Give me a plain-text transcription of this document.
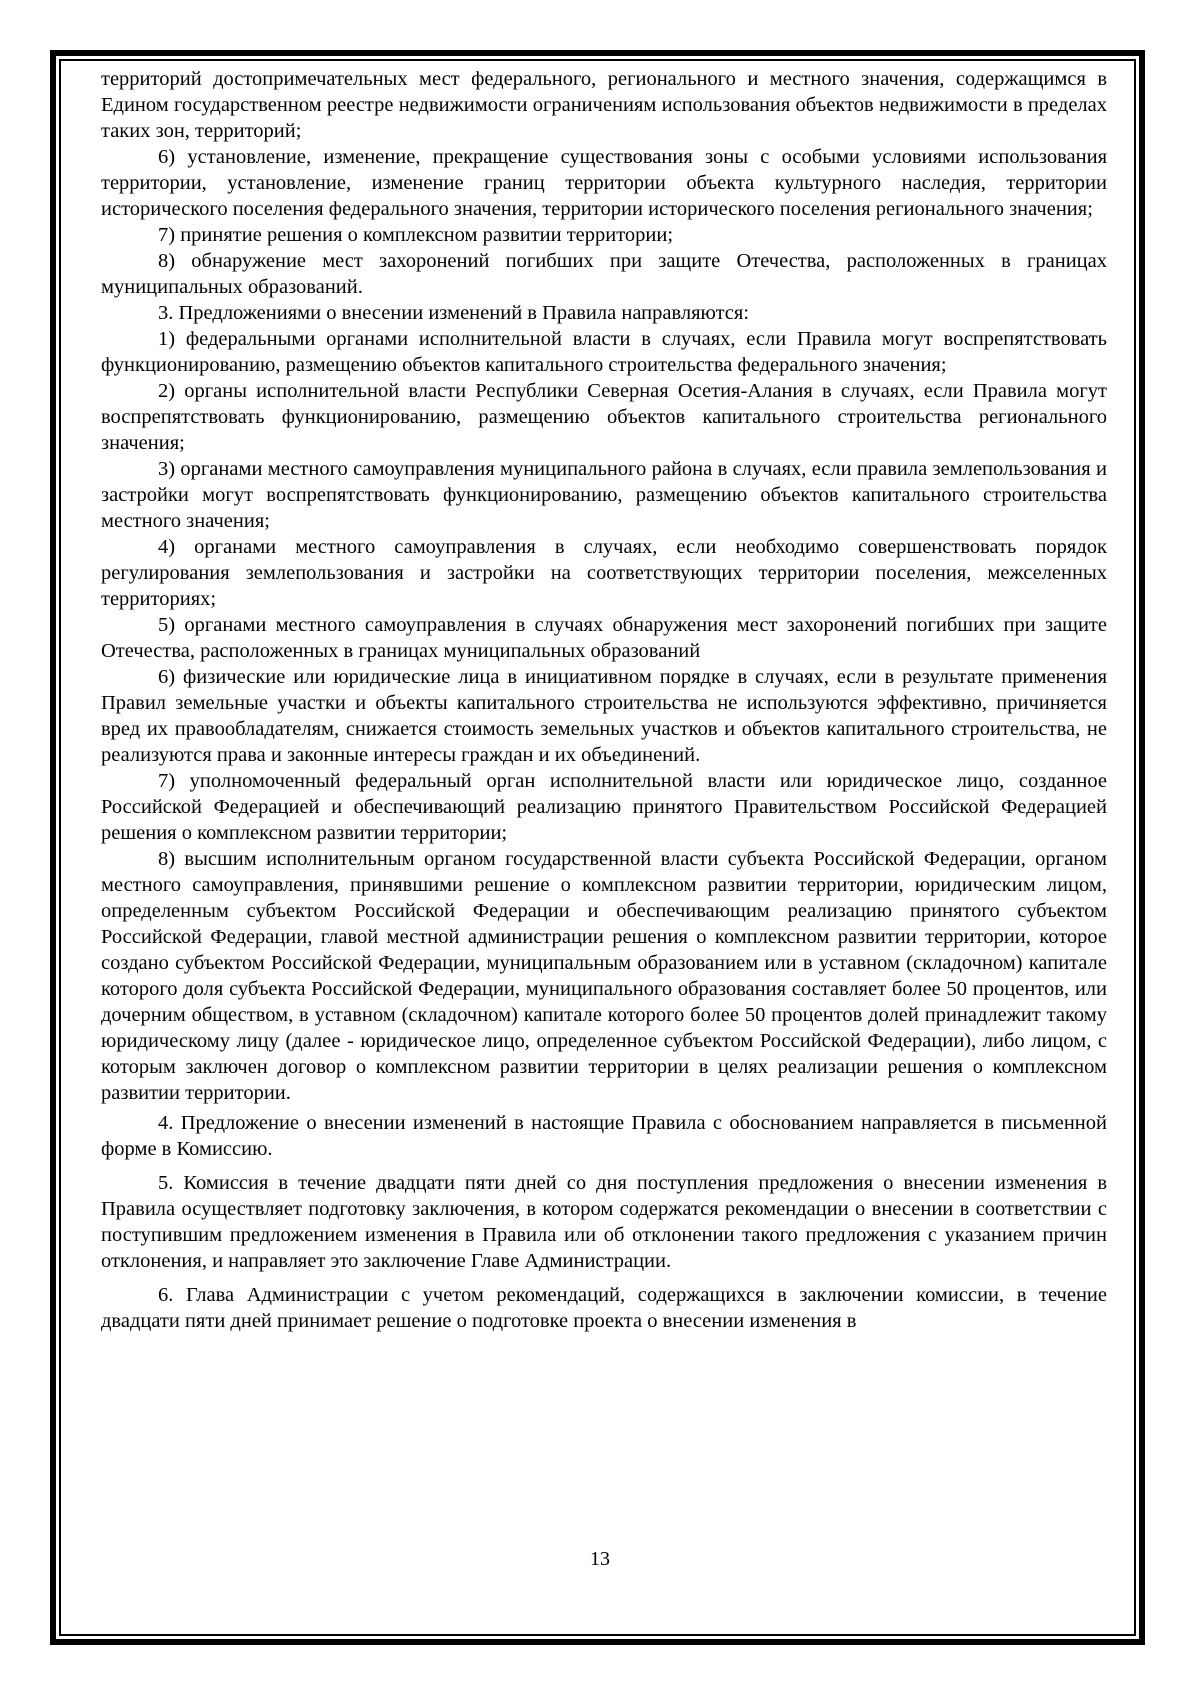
территорий достопримечательных мест федерального, регионального и местного значения, содержащимся в Едином государственном реестре недвижимости ограничениям использования объектов недвижимости в пределах таких зон, территорий;

6) установление, изменение, прекращение существования зоны с особыми условиями использования территории, установление, изменение границ территории объекта культурного наследия, территории исторического поселения федерального значения, территории исторического поселения регионального значения;

7) принятие решения о комплексном развитии территории;

8) обнаружение мест захоронений погибших при защите Отечества, расположенных в границах муниципальных образований.

3. Предложениями о внесении изменений в Правила направляются:

1) федеральными органами исполнительной власти в случаях, если Правила могут воспрепятствовать функционированию, размещению объектов капитального строительства федерального значения;

2) органы исполнительной власти Республики Северная Осетия-Алания в случаях, если Правила могут воспрепятствовать функционированию, размещению объектов капитального строительства регионального значения;

3) органами местного самоуправления муниципального района в случаях, если правила землепользования и застройки могут воспрепятствовать функционированию, размещению объектов капитального строительства местного значения;

4) органами местного самоуправления в случаях, если необходимо совершенствовать порядок регулирования землепользования и застройки на соответствующих территории поселения, межселенных территориях;

5) органами местного самоуправления в случаях обнаружения мест захоронений погибших при защите Отечества, расположенных в границах муниципальных образований

6) физические или юридические лица в инициативном порядке в случаях, если в результате применения Правил земельные участки и объекты капитального строительства не используются эффективно, причиняется вред их правообладателям, снижается стоимость земельных участков и объектов капитального строительства, не реализуются права и законные интересы граждан и их объединений.

7) уполномоченный федеральный орган исполнительной власти или юридическое лицо, созданное Российской Федерацией и обеспечивающий реализацию принятого Правительством Российской Федерацией решения о комплексном развитии территории;

8) высшим исполнительным органом государственной власти субъекта Российской Федерации, органом местного самоуправления, принявшими решение о комплексном развитии территории, юридическим лицом, определенным субъектом Российской Федерации и обеспечивающим реализацию принятого субъектом Российской Федерации, главой местной администрации решения о комплексном развитии территории, которое создано субъектом Российской Федерации, муниципальным образованием или в уставном (складочном) капитале которого доля субъекта Российской Федерации, муниципального образования составляет более 50 процентов, или дочерним обществом, в уставном (складочном) капитале которого более 50 процентов долей принадлежит такому юридическому лицу (далее - юридическое лицо, определенное субъектом Российской Федерации), либо лицом, с которым заключен договор о комплексном развитии территории в целях реализации решения о комплексном развитии территории.

4. Предложение о внесении изменений в настоящие Правила с обоснованием направляется в письменной форме в Комиссию.

5. Комиссия в течение двадцати пяти дней со дня поступления предложения о внесении изменения в Правила осуществляет подготовку заключения, в котором содержатся рекомендации о внесении в соответствии с поступившим предложением изменения в Правила или об отклонении такого предложения с указанием причин отклонения, и направляет это заключение Главе Администрации.

6. Глава Администрации с учетом рекомендаций, содержащихся в заключении комиссии, в течение двадцати пяти дней принимает решение о подготовке проекта о внесении изменения в

13
